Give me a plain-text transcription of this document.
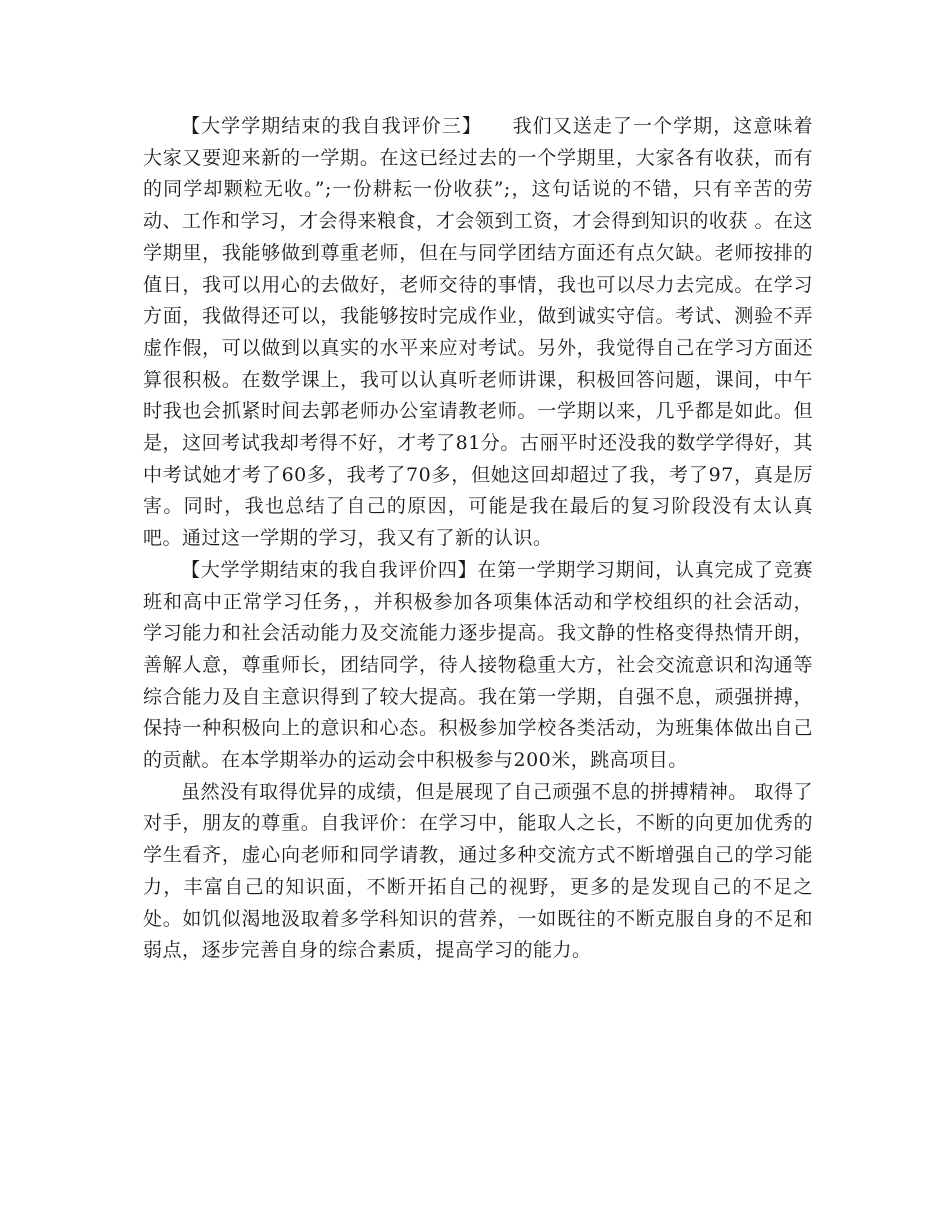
【大学学期结束的我自我评价三】　　我们又送走了一个学期，这意味着大家又要迎来新的一学期。在这已经过去的一个学期里，大家各有收获，而有的同学却颗粒无收。”;一份耕耘一份收获”;，这句话说的不错，只有辛苦的劳动、工作和学习，才会得来粮食，才会领到工资，才会得到知识的收获 。在这学期里，我能够做到尊重老师，但在与同学团结方面还有点欠缺。老师按排的值日，我可以用心的去做好，老师交待的事情，我也可以尽力去完成。在学习方面，我做得还可以，我能够按时完成作业，做到诚实守信。考试、测验不弄虚作假，可以做到以真实的水平来应对考试。另外，我觉得自己在学习方面还算很积极。在数学课上，我可以认真听老师讲课，积极回答问题，课间，中午时我也会抓紧时间去郭老师办公室请教老师。一学期以来，几乎都是如此。但是，这回考试我却考得不好，才考了81分。古丽平时还没我的数学学得好，其中考试她才考了60多，我考了70多，但她这回却超过了我，考了97，真是厉害。同时，我也总结了自己的原因，可能是我在最后的复习阶段没有太认真吧。通过这一学期的学习，我又有了新的认识。

【大学学期结束的我自我评价四】在第一学期学习期间，认真完成了竞赛班和高中正常学习任务，，并积极参加各项集体活动和学校组织的社会活动，学习能力和社会活动能力及交流能力逐步提高。我文静的性格变得热情开朗，善解人意，尊重师长，团结同学，待人接物稳重大方，社会交流意识和沟通等综合能力及自主意识得到了较大提高。我在第一学期，自强不息，顽强拼搏，保持一种积极向上的意识和心态。积极参加学校各类活动，为班集体做出自己的贡献。在本学期举办的运动会中积极参与200米，跳高项目。

虽然没有取得优异的成绩，但是展现了自己顽强不息的拼搏精神。 取得了对手，朋友的尊重。自我评价：在学习中，能取人之长，不断的向更加优秀的学生看齐，虚心向老师和同学请教，通过多种交流方式不断增强自己的学习能力，丰富自己的知识面，不断开拓自己的视野，更多的是发现自己的不足之处。如饥似渴地汲取着多学科知识的营养，一如既往的不断克服自身的不足和弱点，逐步完善自身的综合素质，提高学习的能力。
